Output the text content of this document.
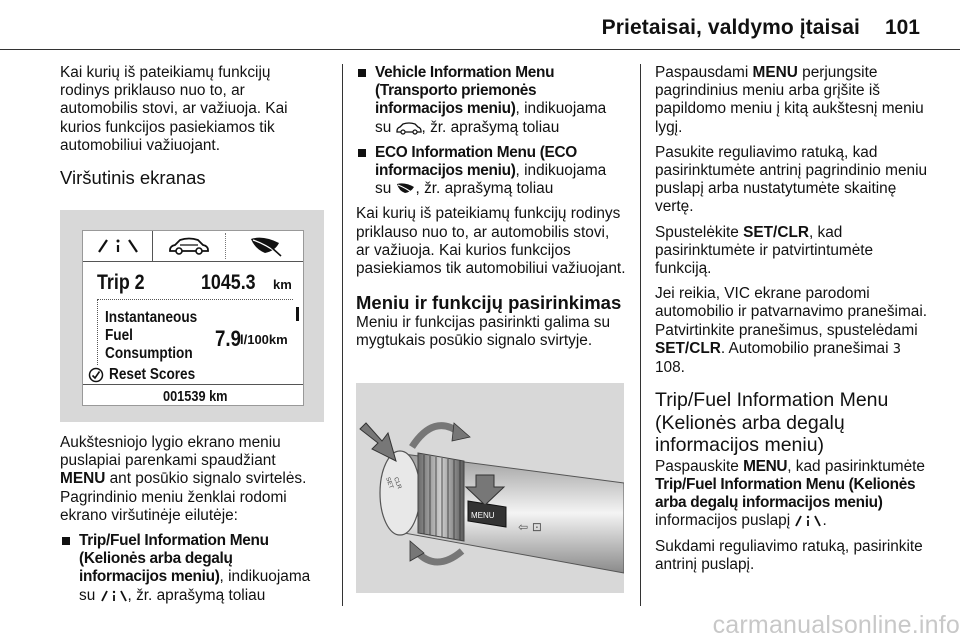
Prietaisai, valdymo įtaisai 101

Kai kurių iš pateikiamų funkcijų rodinys priklauso nuo to, ar automobilis stovi, ar važiuoja. Kai kurios funkcijos pasiekiamos tik automobiliui važiuojant.

Viršutinis ekranas
Trip 2	1045.3 km
Instantaneous
Fuel
Consumption
7.9
l/100km
Reset Scores
001539 km

Aukštesniojo lygio ekrano meniu puslapiai parenkami spaudžiant MENU ant posūkio signalo svirtelės. Pagrindinio meniu ženklai rodomi ekrano viršutinėje eilutėje:

Trip/Fuel Information Menu (Kelionės arba degalų informacijos meniu), indikuojama su , žr. aprašymą toliau
Vehicle Information Menu (Transporto priemonės informacijos meniu), indikuojama su , žr. aprašymą toliau
ECO Information Menu (ECO informacijos meniu), indikuojama su , žr. aprašymą toliau

Kai kurių iš pateikiamų funkcijų rodinys priklauso nuo to, ar automobilis stovi, ar važiuoja. Kai kurios funkcijos pasiekiamos tik automobiliui važiuojant.

Meniu ir funkcijų pasirinkimas

Meniu ir funkcijas pasirinkti galima su mygtukais posūkio signalo svirtyje.

MENU
SET
CLR
⇦ ⊡

Paspausdami MENU perjungsite pagrindinius meniu arba grįšite iš papildomo meniu į kitą aukštesnį meniu lygį.

Pasukite reguliavimo ratuką, kad pasirinktumėte antrinį pagrindinio meniu puslapį arba nustatytumėte skaitinę vertę.

Spustelėkite SET/CLR, kad pasirinktumėte ir patvirtintumėte funkciją.

Jei reikia, VIC ekrane parodomi automobilio ir patvarnavimo pranešimai. Patvirtinkite pranešimus, spustelėdami SET/CLR. Automobilio pranešimai 3 108.

Trip/Fuel Information Menu (Kelionės arba degalų informacijos meniu)

Paspauskite MENU, kad pasirinktumėte Trip/Fuel Information Menu (Kelionės arba degalų informacijos meniu) informacijos puslapį .

Sukdami reguliavimo ratuką, pasirinkite antrinį puslapį.

carmanualsonline.info
